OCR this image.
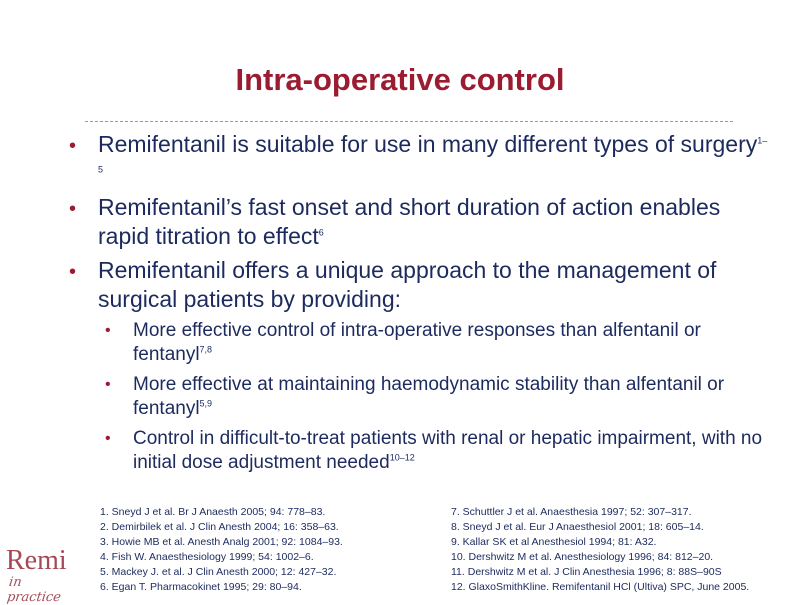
Intra-operative control
• Remifentanil is suitable for use in many different types of surgery$^{1-5}$
• Remifentanil’s fast onset and short duration of action enables rapid titration to effect$^6$
• Remifentanil offers a unique approach to the management of surgical patients by providing:
• More effective control of intra-operative responses than alfentanil or fentanyl$^{7,8}$
• More effective at maintaining haemodynamic stability than alfentanil or fentanyl$^{5,9}$
• Control in difficult-to-treat patients with renal or hepatic impairment, with no initial dose adjustment needed$^{10-12}$
1. Sneyd J et al. Br J Anaesth 2005; 94: 778–83.
2. Demirbilek et al. J Clin Anesth 2004; 16: 358–63.
3. Howie MB et al. Anesth Analg 2001; 92: 1084–93.
4. Fish W. Anaesthesiology 1999; 54: 1002–6.
5. Mackey J. et al. J Clin Anesth 2000; 12: 427–32.
6. Egan T. Pharmacokinet 1995; 29: 80–94.
7. Schuttler J et al. Anaesthesia 1997; 52: 307–317.
8. Sneyd J et al. Eur J Anaesthesiol 2001; 18: 605–14.
9. Kallar SK et al Anesthesiol 1994; 81: A32.
10. Dershwitz M et al. Anesthesiology 1996; 84: 812–20.
11. Dershwitz M et al. J Clin Anesthesia 1996; 8: 88S–90S
12. GlaxoSmithKline. Remifentanil HCl (Ultiva) SPC, June 2005.
Remi
in practice
